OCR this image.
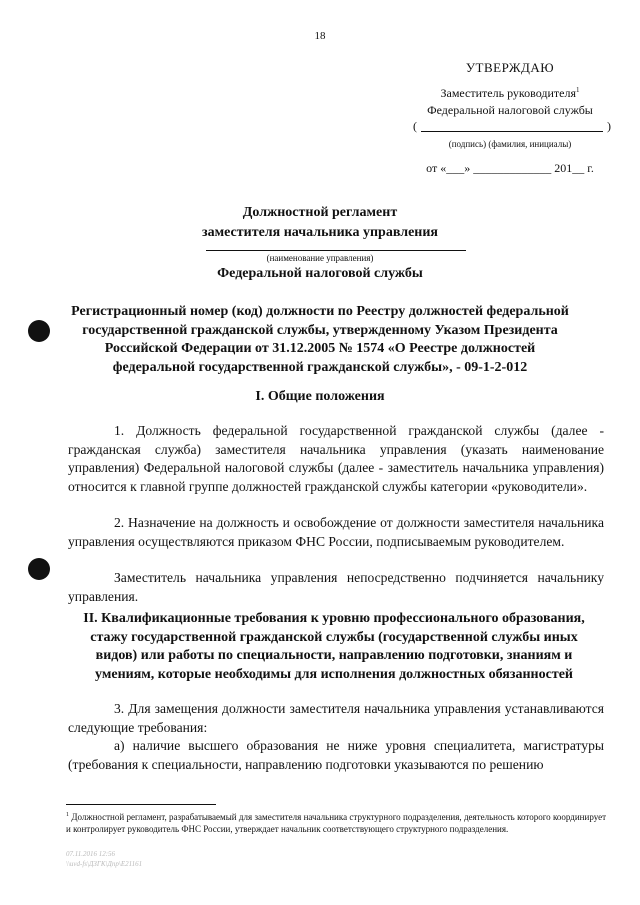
18
УТВЕРЖДАЮ
Заместитель руководителя$^1$
Федеральной налоговой службы
(	)
(подпись) (фамилия, инициалы)
от «___» _____________ 201__ г.
Должностной регламент
заместителя начальника управления
(наименование управления)
Федеральной налоговой службы
Регистрационный номер (код) должности по Реестру должностей федеральной
государственной гражданской службы, утвержденному Указом Президента
Российской Федерации от 31.12.2005 № 1574 «О Реестре должностей
федеральной государственной гражданской службы», - 09-1-2-012
I. Общие положения
1. Должность федеральной государственной гражданской службы (далее - гражданская служба) заместителя начальника управления (указать наименование управления) Федеральной налоговой службы (далее - заместитель начальника управления) относится к главной группе должностей гражданской службы категории «руководители».
2. Назначение на должность и освобождение от должности заместителя начальника управления осуществляются приказом ФНС России, подписываемым руководителем.
Заместитель начальника управления непосредственно подчиняется начальнику управления.
II. Квалификационные требования к уровню профессионального образования,
стажу государственной гражданской службы (государственной службы иных
видов) или работы по специальности, направлению подготовки, знаниям и
умениям, которые необходимы для исполнения должностных обязанностей
3. Для замещения должности заместителя начальника управления устанавливаются следующие требования:
а) наличие высшего образования не ниже уровня специалитета, магистратуры (требования к специальности, направлению подготовки указываются по решению
$^1$ Должностной регламент, разрабатываемый для заместителя начальника структурного подразделения, деятельность которого координирует и контролирует руководитель ФНС России, утверждает начальник соответствующего структурного подразделения.
07.11.2016 12:56
\\uvd-fs\ДЗГК\Дпр\Е21161
